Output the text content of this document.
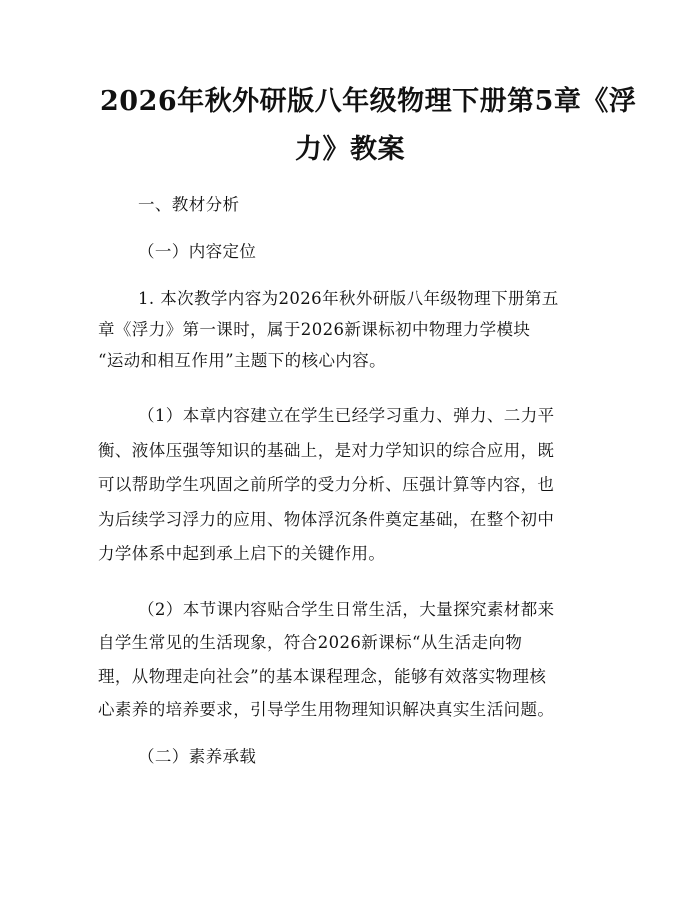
2026年秋外研版八年级物理下册第5章《浮
力》教案

一、教材分析

（一）内容定位

1. 本次教学内容为2026年秋外研版八年级物理下册第五

章《浮力》第一课时，属于2026新课标初中物理力学模块

“运动和相互作用”主题下的核心内容。

（1）本章内容建立在学生已经学习重力、弹力、二力平

衡、液体压强等知识的基础上，是对力学知识的综合应用，既

可以帮助学生巩固之前所学的受力分析、压强计算等内容，也

为后续学习浮力的应用、物体浮沉条件奠定基础，在整个初中

力学体系中起到承上启下的关键作用。

（2）本节课内容贴合学生日常生活，大量探究素材都来

自学生常见的生活现象，符合2026新课标“从生活走向物

理，从物理走向社会”的基本课程理念，能够有效落实物理核

心素养的培养要求，引导学生用物理知识解决真实生活问题。

（二）素养承载
